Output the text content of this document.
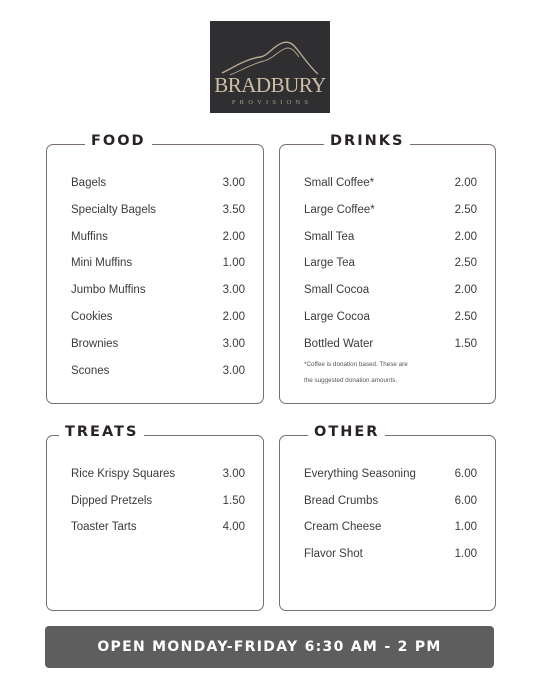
BRADBURY
PROVISIONS
FOOD
Bagels	3.00
Specialty Bagels	3.50
Muffins	2.00
Mini Muffins	1.00
Jumbo Muffins	3.00
Cookies	2.00
Brownies	3.00
Scones	3.00
DRINKS
Small Coffee*	2.00
Large Coffee*	2.50
Small Tea	2.00
Large Tea	2.50
Small Cocoa	2.00
Large Cocoa	2.50
Bottled Water	1.50
*Coffee is donation based. These are
the suggested donation amounts.
TREATS
Rice Krispy Squares	3.00
Dipped Pretzels	1.50
Toaster Tarts	4.00
OTHER
Everything Seasoning	6.00
Bread Crumbs	6.00
Cream Cheese	1.00
Flavor Shot	1.00
OPEN MONDAY-FRIDAY 6:30 AM - 2 PM
